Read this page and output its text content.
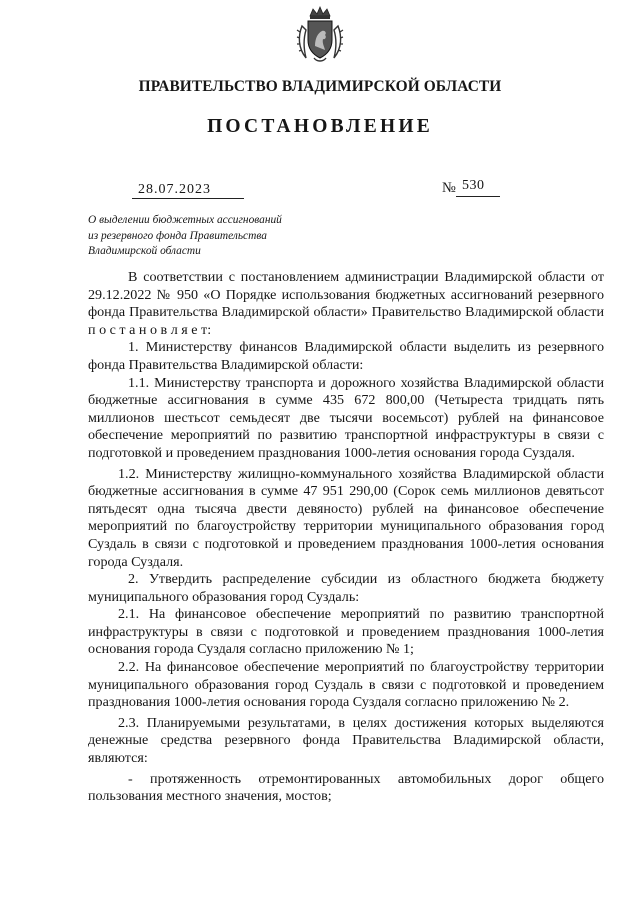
ПРАВИТЕЛЬСТВО ВЛАДИМИРСКОЙ ОБЛАСТИ
ПОСТАНОВЛЕНИЕ
28.07.2023	№ 530
О выделении бюджетных ассигнований
из резервного фонда Правительства
Владимирской области

В соответствии с постановлением администрации Владимирской области от 29.12.2022 № 950 «О Порядке использования бюджетных ассигнований резервного фонда Правительства Владимирской области» Правительство Владимирской области п о с т а н о в л я е т:

1. Министерству финансов Владимирской области выделить из резервного фонда Правительства Владимирской области:

1.1. Министерству транспорта и дорожного хозяйства Владимирской области бюджетные ассигнования в сумме 435 672 800,00 (Четыреста тридцать пять миллионов шестьсот семьдесят две тысячи восемьсот) рублей на финансовое обеспечение мероприятий по развитию транспортной инфраструктуры в связи с подготовкой и проведением празднования 1000-летия основания города Суздаля.

1.2. Министерству жилищно-коммунального хозяйства Владимирской области бюджетные ассигнования в сумме 47 951 290,00 (Сорок семь миллионов девятьсот пятьдесят одна тысяча двести девяносто) рублей на финансовое обеспечение мероприятий по благоустройству территории муниципального образования город Суздаль в связи с подготовкой и проведением празднования 1000-летия основания города Суздаля.

2. Утвердить распределение субсидии из областного бюджета бюджету муниципального образования город Суздаль:

2.1. На финансовое обеспечение мероприятий по развитию транспортной инфраструктуры в связи с подготовкой и проведением празднования 1000-летия основания города Суздаля согласно приложению № 1;

2.2. На финансовое обеспечение мероприятий по благоустройству территории муниципального образования город Суздаль в связи с подготовкой и проведением празднования 1000-летия основания города Суздаля согласно приложению № 2.

2.3. Планируемыми результатами, в целях достижения которых выделяются денежные средства резервного фонда Правительства Владимирской области, являются:

- протяженность отремонтированных автомобильных дорог общего пользования местного значения, мостов;
